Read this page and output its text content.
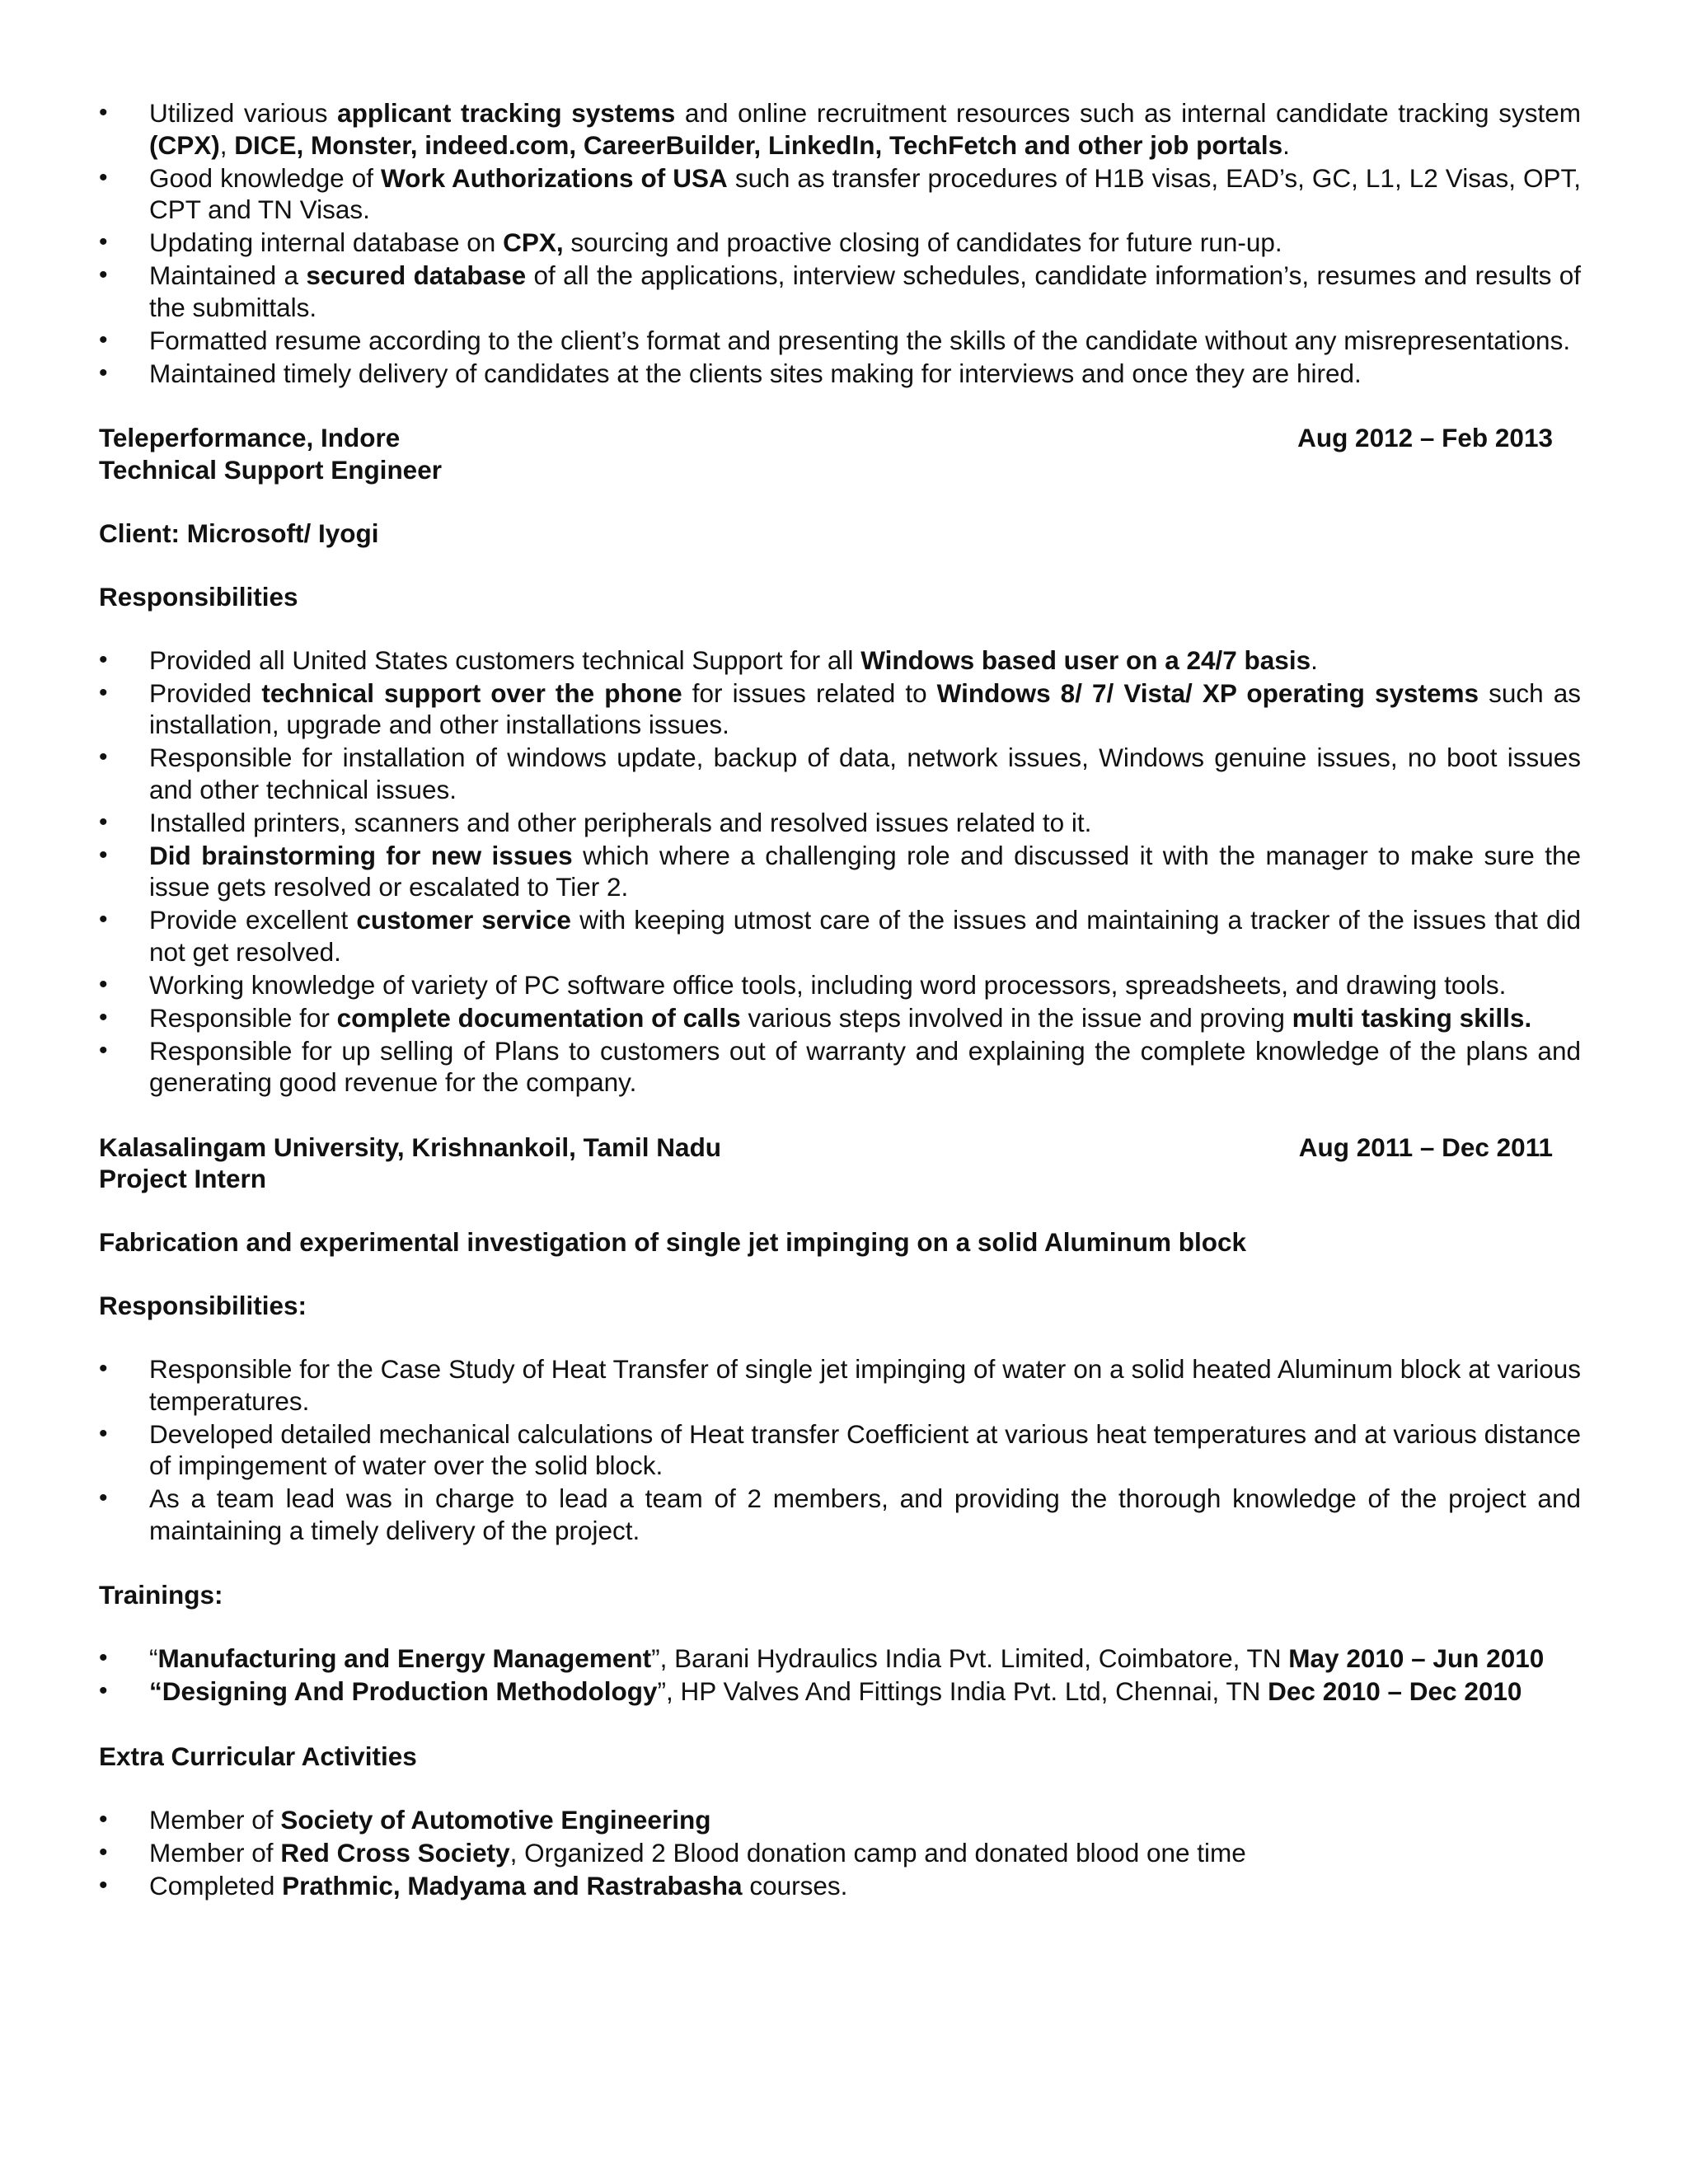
• Utilized various applicant tracking systems and online recruitment resources such as internal candidate tracking system (CPX), DICE, Monster, indeed.com, CareerBuilder, LinkedIn, TechFetch and other job portals.
• Good knowledge of Work Authorizations of USA such as transfer procedures of H1B visas, EAD’s, GC, L1, L2 Visas, OPT, CPT and TN Visas.
• Updating internal database on CPX, sourcing and proactive closing of candidates for future run-up.
• Maintained a secured database of all the applications, interview schedules, candidate information’s, resumes and results of the submittals.
• Formatted resume according to the client’s format and presenting the skills of the candidate without any misrepresentations.
• Maintained timely delivery of candidates at the clients sites making for interviews and once they are hired.
Teleperformance, Indore	Aug 2012 – Feb 2013
Technical Support Engineer
Client: Microsoft/ Iyogi
Responsibilities
• Provided all United States customers technical Support for all Windows based user on a 24/7 basis.
• Provided technical support over the phone for issues related to Windows 8/ 7/ Vista/ XP operating systems such as installation, upgrade and other installations issues.
• Responsible for installation of windows update, backup of data, network issues, Windows genuine issues, no boot issues and other technical issues.
• Installed printers, scanners and other peripherals and resolved issues related to it.
• Did brainstorming for new issues which where a challenging role and discussed it with the manager to make sure the issue gets resolved or escalated to Tier 2.
• Provide excellent customer service with keeping utmost care of the issues and maintaining a tracker of the issues that did not get resolved.
• Working knowledge of variety of PC software office tools, including word processors, spreadsheets, and drawing tools.
• Responsible for complete documentation of calls various steps involved in the issue and proving multi tasking skills.
• Responsible for up selling of Plans to customers out of warranty and explaining the complete knowledge of the plans and generating good revenue for the company.
Kalasalingam University, Krishnankoil, Tamil Nadu	Aug 2011 – Dec 2011
Project Intern
Fabrication and experimental investigation of single jet impinging on a solid Aluminum block
Responsibilities:
• Responsible for the Case Study of Heat Transfer of single jet impinging of water on a solid heated Aluminum block at various temperatures.
• Developed detailed mechanical calculations of Heat transfer Coefficient at various heat temperatures and at various distance of impingement of water over the solid block.
• As a team lead was in charge to lead a team of 2 members, and providing the thorough knowledge of the project and maintaining a timely delivery of the project.
Trainings:
• “Manufacturing and Energy Management”, Barani Hydraulics India Pvt. Limited, Coimbatore, TN May 2010 – Jun 2010
• “Designing And Production Methodology”, HP Valves And Fittings India Pvt. Ltd, Chennai, TN Dec 2010 – Dec 2010
Extra Curricular Activities
• Member of Society of Automotive Engineering
• Member of Red Cross Society, Organized 2 Blood donation camp and donated blood one time
• Completed Prathmic, Madyama and Rastrabasha courses.
